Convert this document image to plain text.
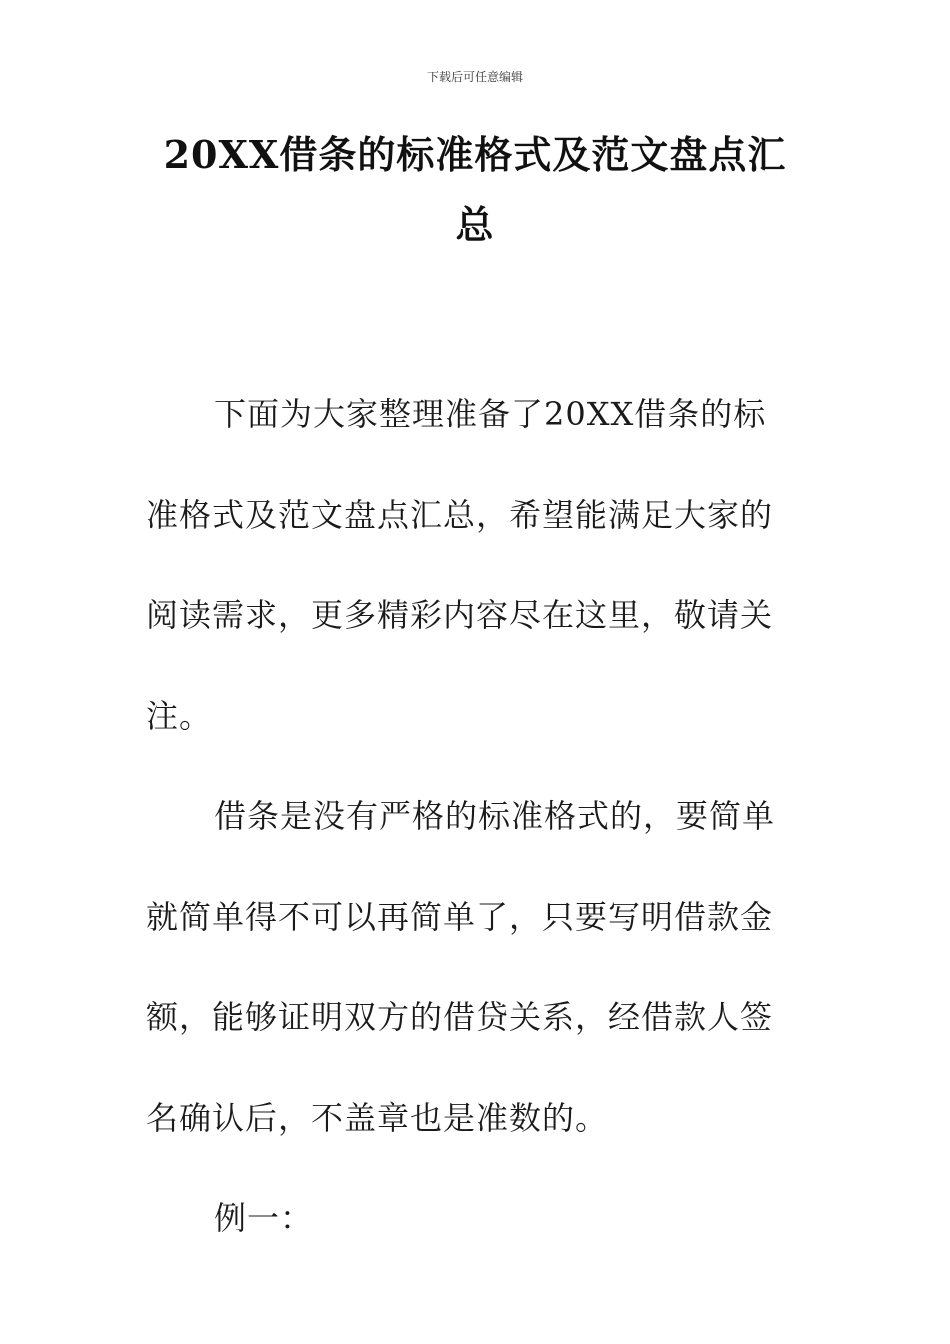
下载后可任意编辑
20XX借条的标准格式及范文盘点汇总

下面为大家整理准备了20XX借条的标准格式及范文盘点汇总，希望能满足大家的阅读需求，更多精彩内容尽在这里，敬请关注。

借条是没有严格的标准格式的，要简单就简单得不可以再简单了，只要写明借款金额，能够证明双方的借贷关系，经借款人签名确认后，不盖章也是准数的。

例一：
